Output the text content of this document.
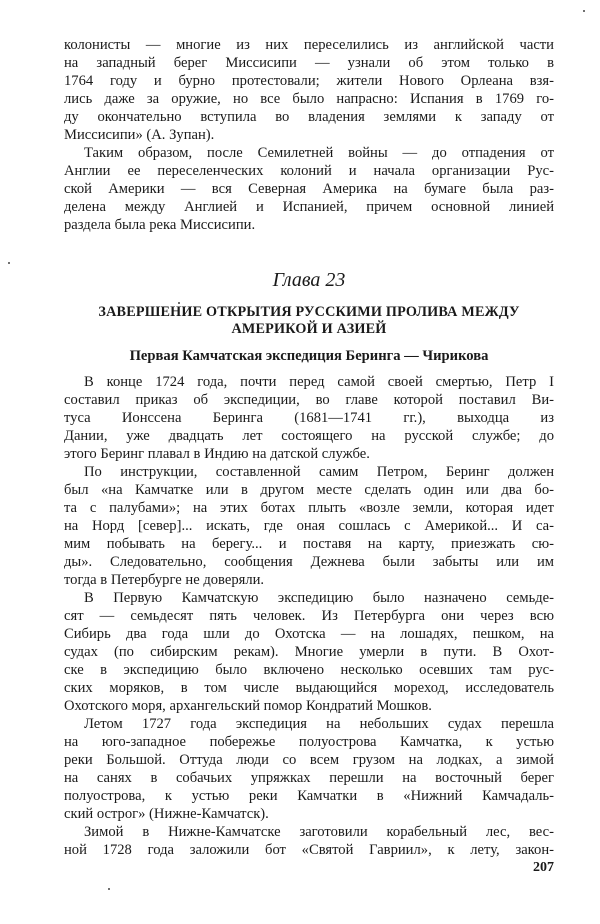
колонисты — многие из них переселились из английской части
на западный берег Миссисипи — узнали об этом только в
1764 году и бурно протестовали; жители Нового Орлеана взя-
лись даже за оружие, но все было напрасно: Испания в 1769 го-
ду окончательно вступила во владения землями к западу от
Миссисипи» (А. Зупан).
Таким образом, после Семилетней войны — до отпадения от
Англии ее переселенческих колоний и начала организации Рус-
ской Америки — вся Северная Америка на бумаге была раз-
делена между Англией и Испанией, причем основной линией
раздела была река Миссисипи.
Глава 23
ЗАВЕРШЕНИЕ ОТКРЫТИЯ РУССКИМИ ПРОЛИВА МЕЖДУ
АМЕРИКОЙ И АЗИЕЙ
Первая Камчатская экспедиция Беринга — Чирикова
В конце 1724 года, почти перед самой своей смертью, Петр I
составил приказ об экспедиции, во главе которой поставил Ви-
туса Ионссена Беринга (1681—1741 гг.), выходца из
Дании, уже двадцать лет состоящего на русской службе; до
этого Беринг плавал в Индию на датской службе.
По инструкции, составленной самим Петром, Беринг должен
был «на Камчатке или в другом месте сделать один или два бо-
та с палубами»; на этих ботах плыть «возле земли, которая идет
на Норд [север]... искать, где оная сошлась с Америкой... И са-
мим побывать на берегу... и поставя на карту, приезжать сю-
ды». Следовательно, сообщения Дежнева были забыты или им
тогда в Петербурге не доверяли.
В Первую Камчатскую экспедицию было назначено семьде-
сят — семьдесят пять человек. Из Петербурга они через всю
Сибирь два года шли до Охотска — на лошадях, пешком, на
судах (по сибирским рекам). Многие умерли в пути. В Охот-
ске в экспедицию было включено несколько осевших там рус-
ских моряков, в том числе выдающийся мореход, исследователь
Охотского моря, архангельский помор Кондратий Мошков.
Летом 1727 года экспедиция на небольших судах перешла
на юго-западное побережье полуострова Камчатка, к устью
реки Большой. Оттуда люди со всем грузом на лодках, а зимой
на санях в собачьих упряжках перешли на восточный берег
полуострова, к устью реки Камчатки в «Нижний Камчадаль-
ский острог» (Нижне-Камчатск).
Зимой в Нижне-Камчатске заготовили корабельный лес, вес-
ной 1728 года заложили бот «Святой Гавриил», к лету, закон-
207
